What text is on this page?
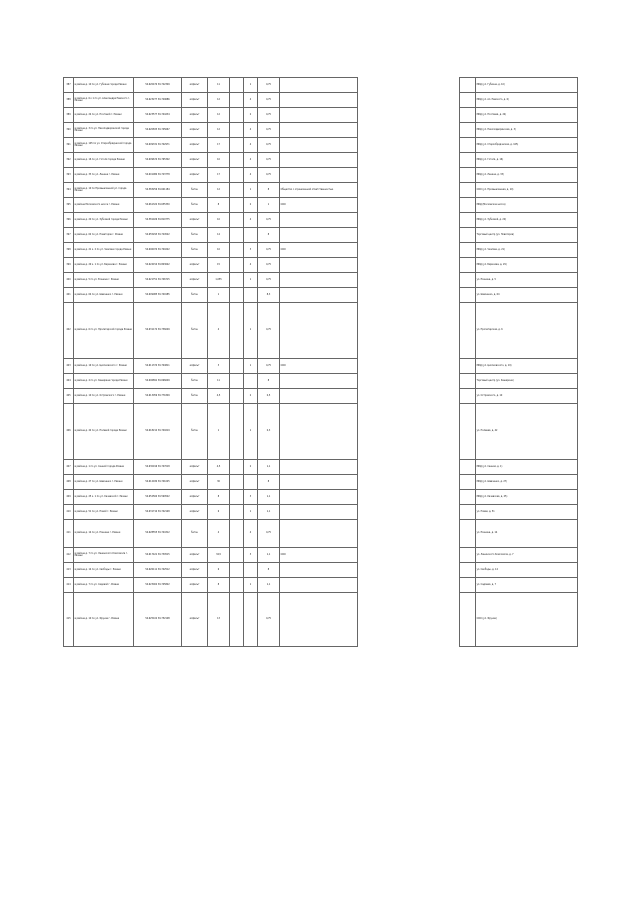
387	в районе д. 10 по ул. Губкина города Рязани	54.620470 39.722309	асфальт	11		1	0,75				МКД (ул. Губкина, д. 10)
388	в районе д. 6 к 1 по ул. Александра Невского г. Рязани	54.623277 39.729686	асфальт	12		4	0,75				МКД (ул. Ал. Невского, д. 6)
389	в районе д. 24 по ул. Почтовой г. Рязани	54.623577 39.744234	асфальт	12		2	0,75				МКД (ул. Почтовая, д. 24)
390	в районе д. 3 по ул. Николодворянской города Рязани	54.620833 39.745667	асфальт	12		4	0,75				МКД (ул. Николодворянская, д. 3)
391	в районе д. 105 по ул. Старообрядческой города Рязани	54.609331 39.702971	асфальт	17		4	0,75				МКД (ул. Старообрядческая, д. 105)
392	в районе д. 16 по ул. Гоголя города Рязани	54.609674 39.765302	асфальт	10		4	0,75				МКД (ул. Гоголя, д. 16)
393	в районе д. 33 по ул. Ленина г. Рязани	54.601080 39.723778	асфальт	17		4	0,75				МКД (ул. Ленина, д. 33)
394	в районе д. 10 по Промышленной ул. города Рязани	54.583256 39.601184	бетон	12		1	8	Общество с ограниченной ответственностью			ООО (ул. Промышленная, д. 10)
395	в районе Московского шоссе г. Рязани	54.661322 39.655330	бетон	8		2	1	ООО			МКД (Московское шоссе)
396	в районе д. 20 по ул. Зубковой города Рязани	54.581926 39.810775	асфальт	10		4	0,75				МКД (ул. Зубковой, д. 20)
397	в районе д. 62 по ул. Новаторов г. Рязани	54.655293 39.724522	бетон	14			8				Торговый центр (ул. Новаторов)
398	в районе д. 21 к. 2 по ул. Чкалова города Рязани	54.606074 39.700222	бетон	10		3	0,75	ООО			МКД (ул. Чкалова, д. 21)
399	в районе д. 29 к. 1 по ул. Бирюзова г. Рязани	54.624154 39.803642	асфальт	15		4	0,75				МКД (ул. Бирюзова, д. 29)
400	в районе д. 5 по ул. Есенина г. Рязани	54.621751 39.746715	асфальт	1,055		1	0,75				ул. Есенина, д. 5
401	в районе д. 64 по ул. Шевченко г. Рязани	54.609085 39.749185	бетон	1			8,3				ул. Шевченко, д. 64
402	в районе д. 6 по ул. Пролетарской города Рязани	54.631172 39.736009	бетон	4		1	0,75				ул. Пролетарская, д. 6
403	в районе д. 19 по ул. Циолковского г. Рязани	54.611374 39.704811	асфальт	3		1	0,75	ООО			МКД (ул. Циолковского, д. 19)
404	в районе д. 4 по ул. Каширина города Рязани	54.606891 39.696609	бетон	11			8				Торговый центр (ул. Каширина)
405	в районе д. 10 по ул. Островского г. Рязани	54.613059 39.771809	бетон	4,5		2	0,5				ул. Островского, д. 10
406	в районе д. 42 по ул. Полевой города Рязани	54.618212 39.749219	бетон	1		1	0,3				ул. Полевая, д. 42
407	в районе д. 1 по ул. Сенной города Рязани	54.630916 39.747018	асфальт	4,5		2	1,1				МКД (ул. Сенная, д. 1)
408	в районе д. 27 по ул. Шевченко г. Рязани	54.612180 39.741025	асфальт	30			8				МКД (ул. Шевченко, д. 27)
409	в районе д. 25 к. 1 по ул. Качевской г. Рязани	54.652560 39.599522	асфальт	8		3	1,1				МКД (ул. Качевская, д. 25)
410	в районе д. 51 по ул. Новой г. Рязани	54.631710 39.742148	асфальт	6		1	1,1				ул. Новая, д. 51
411	в районе д. 14 по ул. Есенина г. Рязани	54.628555 39.744312	бетон	4		4	0,75				ул. Есенина, д. 14
412	в районе д. 7 по ул. Ленинского Комсомола г. Рязани	54.617421 39.730515	асфальт	34,5		3	1,1	ООО			ул. Ленинского Комсомола, д. 7
413	в районе д. 14 по ул. Свободы г. Рязани	54.626111 39.742512	асфальт	6			8				ул. Свободы, д. 14
414	в районе д. 7 по ул. Садовой г. Рязани	54.623002 39.745822	асфальт	8		1	1,1				ул. Садовая, д. 7
415	в районе д. 10 по ул. Фрунзе г. Рязани	54.625102 39.752108	асфальт	13			0,75				ООО (ул. Фрунзе)
